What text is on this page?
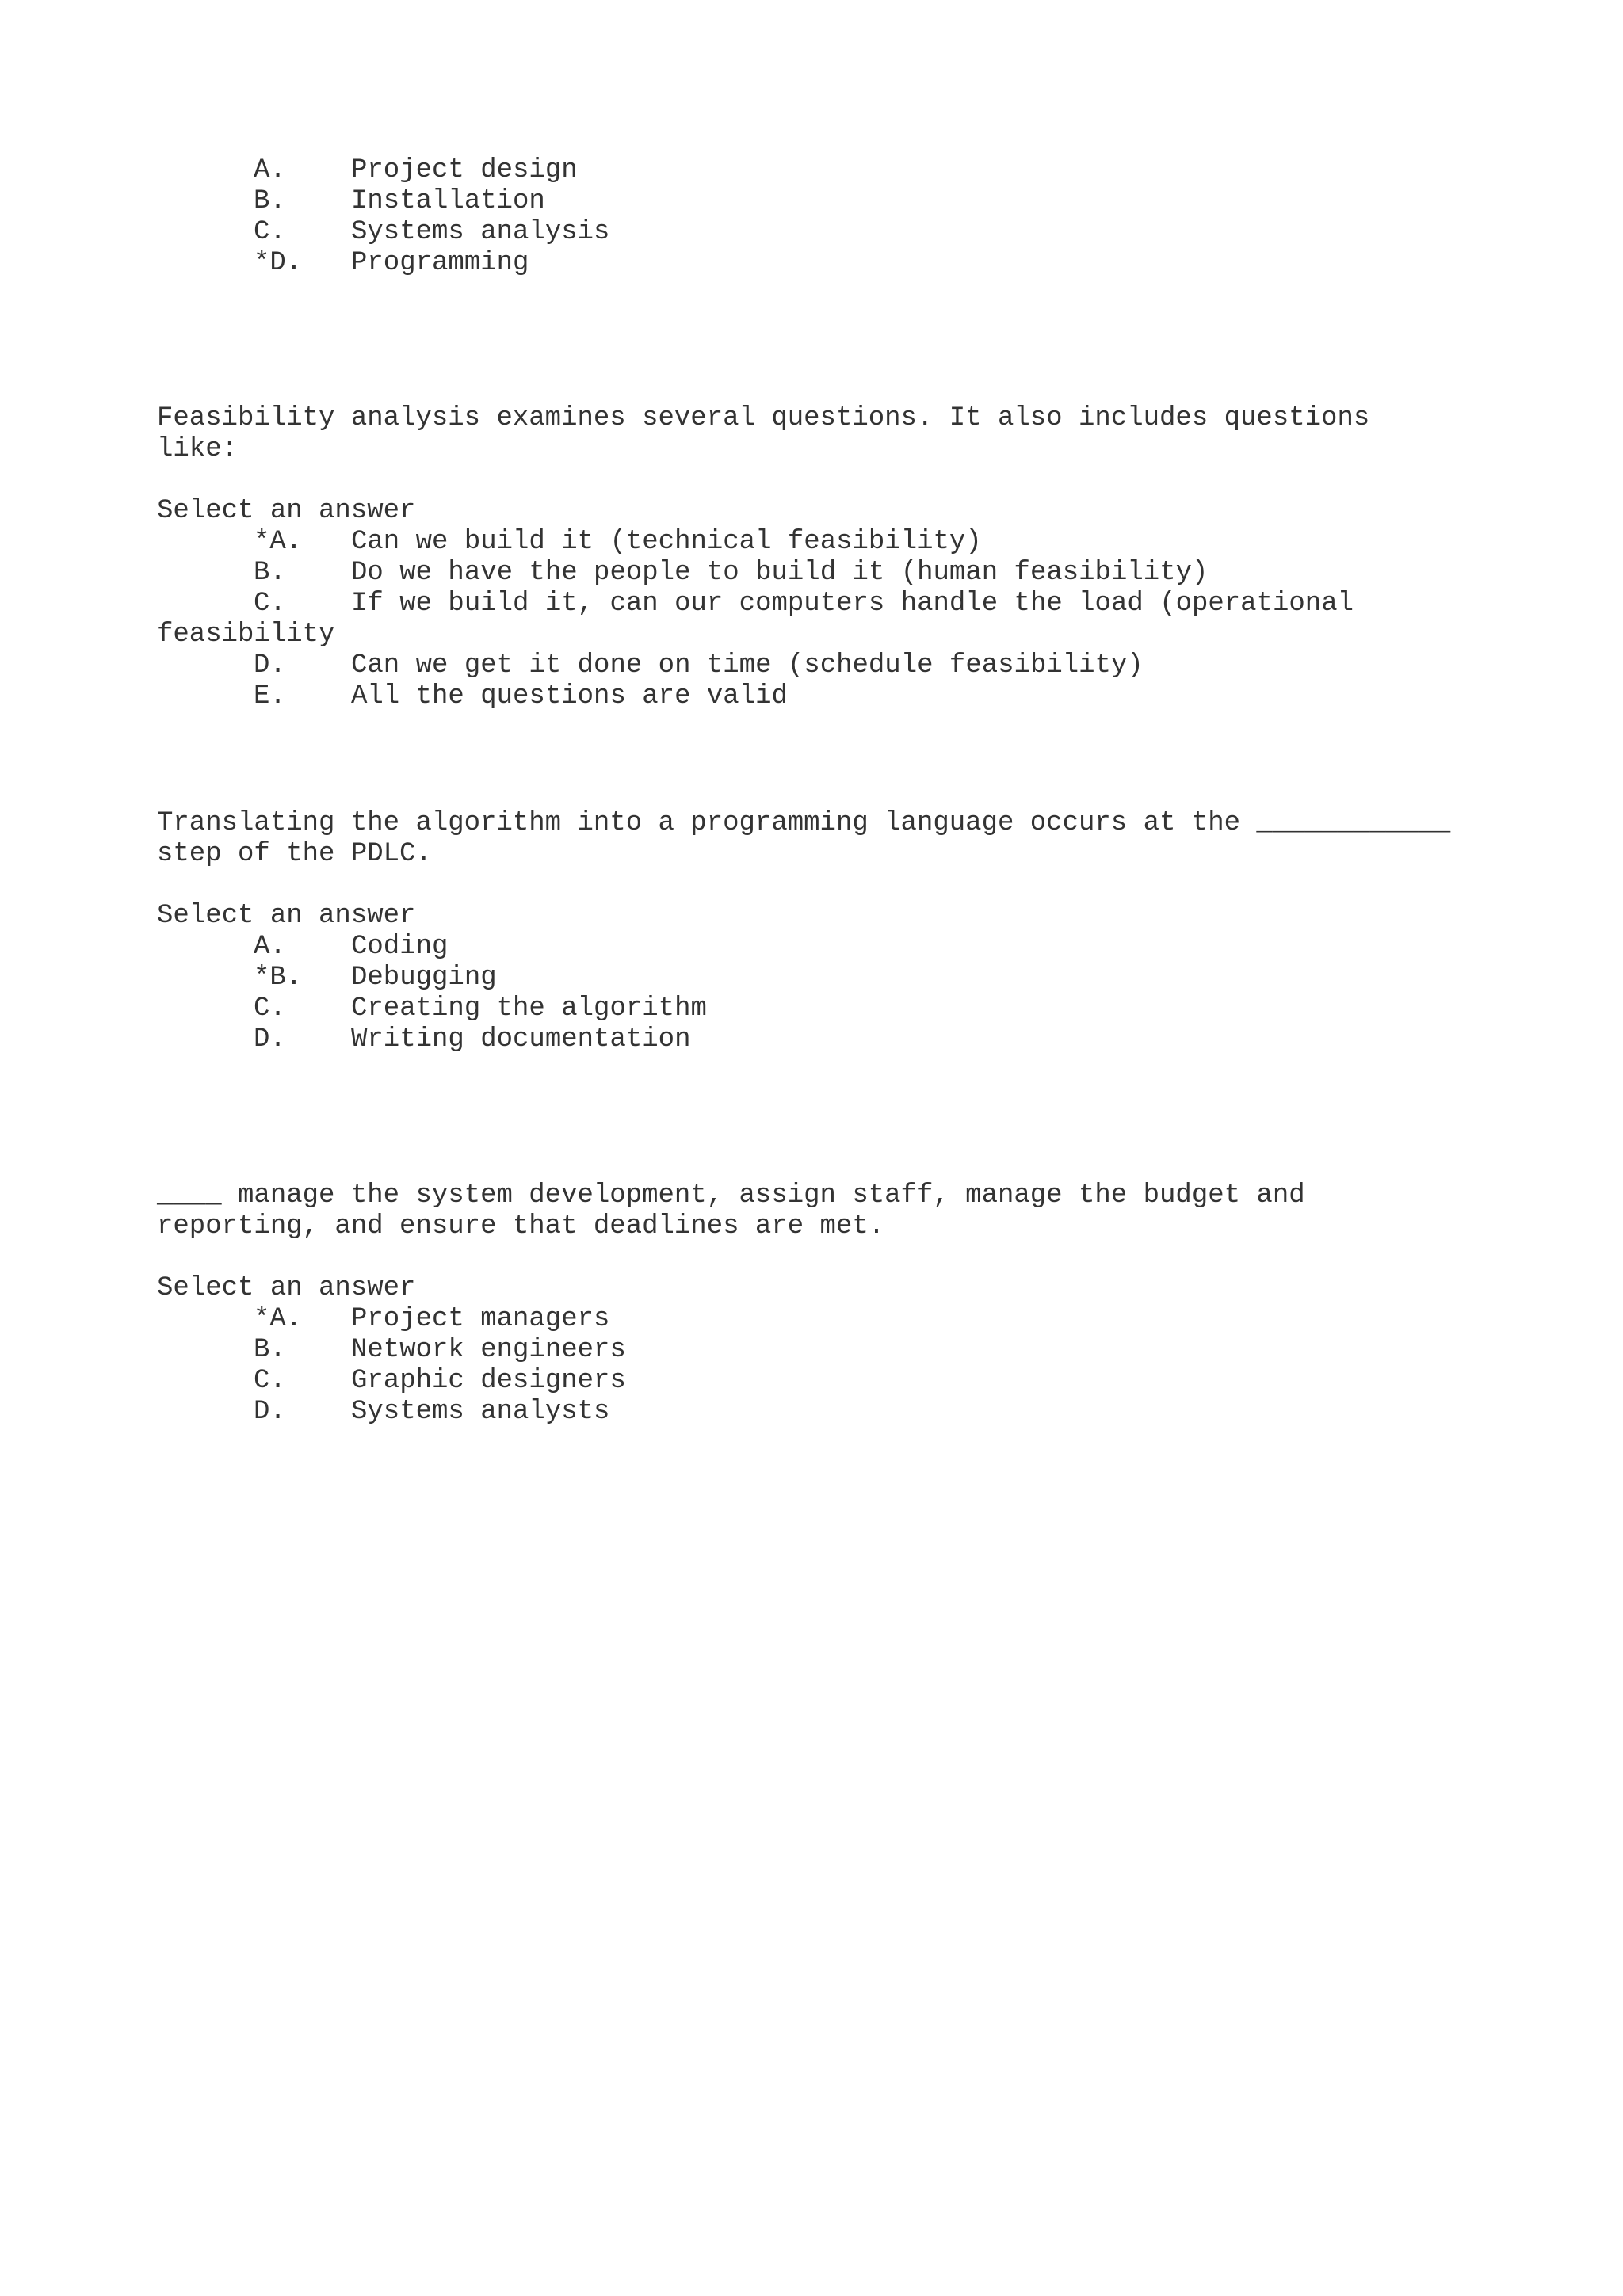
A.

Project design

B.

Installation

C.

Systems analysis

*D.

Programming

Feasibility analysis examines several questions. It also includes questions
like:
Select an answer

*A.

Can we build it (technical feasibility)

B.

Do we have the people to build it (human feasibility)

C.

If we build it, can our computers handle the load (operational

feasibility

D.

Can we get it done on time (schedule feasibility)

E.

All the questions are valid

Translating the algorithm into a programming language occurs at the ____________
step of the PDLC.
Select an answer

A.

Coding

*B.

Debugging

C.

Creating the algorithm

D.

Writing documentation

____ manage the system development, assign staff, manage the budget and
reporting, and ensure that deadlines are met.
Select an answer

*A.

Project managers

B.

Network engineers

C.

Graphic designers

D.

Systems analysts
